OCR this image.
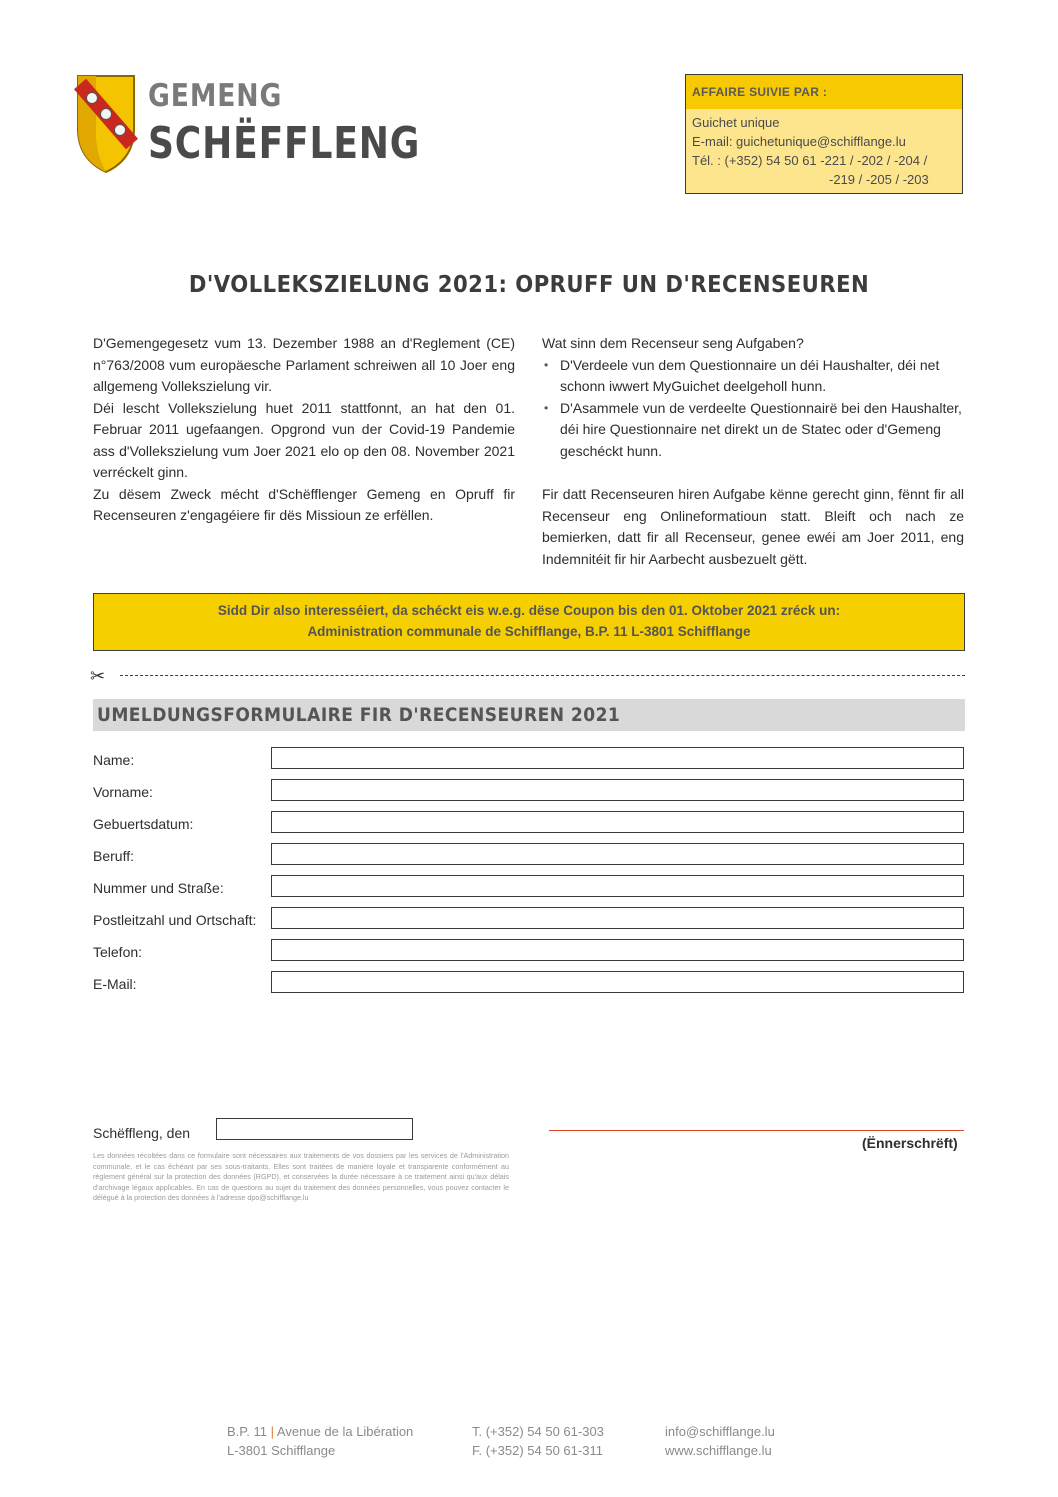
GEMENG
SCHËFFLENG
AFFAIRE SUIVIE PAR :
Guichet unique
E-mail: guichetunique@schifflange.lu
Tél. : (+352) 54 50 61 -221 / -202 / -204 /
-219 / -205 / -203
D'VOLLEKSZIELUNG 2021: OPRUFF UN D'RECENSEUREN

D'Gemengegesetz vum 13. Dezember 1988 an d'Reglement (CE) n°763/2008 vum europäesche Parlament schreiwen all 10 Joer eng allgemeng Vollekszielung vir.

Déi lescht Vollekszielung huet 2011 stattfonnt, an hat den 01. Februar 2011 ugefaangen. Opgrond vun der Covid-19 Pandemie ass d'Vollekszielung vum Joer 2021 elo op den 08. November 2021 verréckelt ginn.

Zu dësem Zweck mécht d'Schëfflenger Gemeng en Opruff fir Recenseuren z'engagéiere fir dës Missioun ze erfëllen.

Wat sinn dem Recenseur seng Aufgaben?

• D'Verdeele vun dem Questionnaire un déi Haushalter, déi net schonn iwwert MyGuichet deelgeholl hunn.

• D'Asammele vun de verdeelte Questionnairë bei den Haushalter, déi hire Questionnaire net direkt un de Statec oder d'Gemeng geschéckt hunn.

Fir datt Recenseuren hiren Aufgabe kënne gerecht ginn, fënnt fir all Recenseur eng Onlineformatioun statt. Bleift och nach ze bemierken, datt fir all Recenseur, genee ewéi am Joer 2011, eng Indemnitéit fir hir Aarbecht ausbezuelt gëtt.

Sidd Dir also interesséiert, da schéckt eis w.e.g. dëse Coupon bis den 01. Oktober 2021 zréck un:
Administration communale de Schifflange, B.P. 11 L-3801 Schifflange
✂
UMELDUNGSFORMULAIRE FIR D'RECENSEUREN 2021
Name:
Vorname:
Gebuertsdatum:
Beruff:
Nummer und Straße:
Postleitzahl und Ortschaft:
Telefon:
E-Mail:
Schëffleng, den
(Ënnerschrëft)
Les données récoltées dans ce formulaire sont nécessaires aux traitements de vos dossiers par les services de l'Administration communale, et le cas échéant par ses sous-traitants. Elles sont traitées de manière loyale et transparente conformément au règlement général sur la protection des données (RGPD), et conservées la durée nécessaire à ce traitement ainsi qu'aux délais d'archivage légaux applicables. En cas de questions au sujet du traitement des données personnelles, vous pouvez contacter le délégué à la protection des données à l'adresse dpo@schifflange.lu
B.P. 11 | Avenue de la Libération
L-3801 Schifflange
T. (+352) 54 50 61-303
F. (+352) 54 50 61-311
info@schifflange.lu
www.schifflange.lu
